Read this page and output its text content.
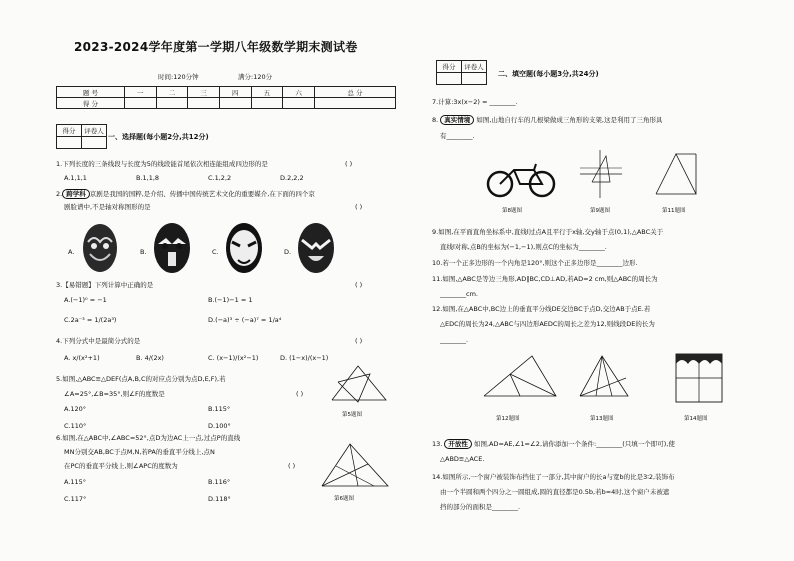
2023-2024学年度第一学期八年级数学期末测试卷
时间:120分钟	满分:120分
题 号	一	二	三	四	五	六	总 分
得 分							
得分	评卷人

一、选择题(每小题2分,共12分)
1.下列长度的三条线段与长度为5的线段能首尾依次相连能组成四边形的是	( )
A.1,1,1	B.1,1,8	C.1,2,2	D.2,2,2
2. 跨学科 京剧是我国的国粹,是介绍、传播中国传统艺术文化的重要媒介,在下面的四个京
剧脸谱中,不是轴对称图形的是	( )
A.	B.	C.	D.
3.【易错题】下列计算中正确的是	( )
A.(−1)⁰ = −1	B.(−1)−1 = 1
C.2a⁻³ = 1/(2a³)	D.(−a)³ ÷ (−a)⁷ = 1/a⁴
4.下列分式中是最简分式的是	( )
A. x/(x²+1)	B. 4/(2x)	C. (x−1)/(x²−1)	D. (1−x)/(x−1)
5.如图,△ABC≌△DEF(点A,B,C的对应点分别为点D,E,F),若
∠A=25°,∠B=35°,则∠F的度数是	( )
A.120°	B.115°
C.110°	D.100°
第5题图
6.如图,在△ABC中,∠ABC=52°,点D为边AC上一点,过点P的直线
MN分别交AB,BC于点M,N,若PA的垂直平分线上,点N
在PC的垂直平分线上,则∠APC的度数为	( )
A.115°	B.116°
C.117°	D.118°	第6题图
得分	评卷人

二、填空题(每小题3分,共24分)
7.计算:3x(x−2) = ________.
8. 真实情境 如图,山地自行车的几根梁做成三角形的支架,这是利用了三角形具
有________.
第8题图	第9题图	第11题图
9.如图,在平面直角坐标系中,直线l过点A且平行于x轴,交y轴于点(0,1),△ABC关于
直线l对称,点B的坐标为(−1,−1),则点C的坐标为________.
10.若一个正多边形的一个内角是120°,则这个正多边形是________边形.
11.如图,△ABC是等边三角形,AD∥BC,CD⊥AD,若AD=2 cm,则△ABC的周长为
________cm.
12.如图,在△ABC中,BC边上的垂直平分线DE交边BC于点D,交边AB于点E.若
△EDC的周长为24,△ABC与四边形AEDC的周长之差为12,则线段DE的长为
________.
第12题图	第13题图	第14题图
13. 开放性 如图,AD=AE,∠1=∠2,请你添加一个条件:________(只填一个即可),使
△ABD≌△ACE.
14.如图所示,一个窗户被装饰布挡住了一部分,其中窗户的长a与宽b的比是3∶2,装饰布
由一个半圆和两个四分之一圆组成,圆的直径都是0.5b,若b=4时,这个窗户未被遮
挡的部分的面积是________.
